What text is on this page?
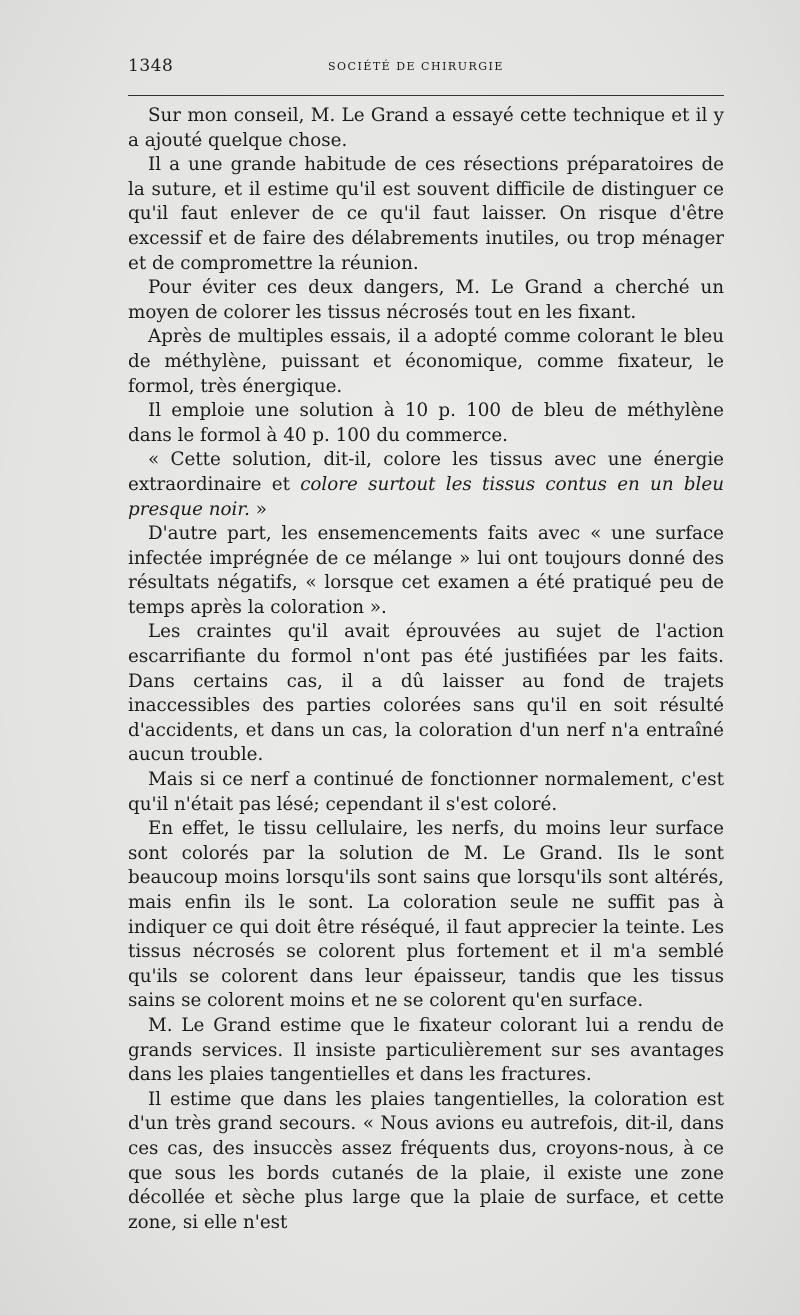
1348	SOCIÉTÉ DE CHIRURGIE

Sur mon conseil, M. Le Grand a essayé cette technique et il y a ajouté quelque chose.

Il a une grande habitude de ces résections préparatoires de la suture, et il estime qu'il est souvent difficile de distinguer ce qu'il faut enlever de ce qu'il faut laisser. On risque d'être excessif et de faire des délabrements inutiles, ou trop ménager et de compromettre la réunion.

Pour éviter ces deux dangers, M. Le Grand a cherché un moyen de colorer les tissus nécrosés tout en les fixant.

Après de multiples essais, il a adopté comme colorant le bleu de méthylène, puissant et économique, comme fixateur, le formol, très énergique.

Il emploie une solution à 10 p. 100 de bleu de méthylène dans le formol à 40 p. 100 du commerce.

« Cette solution, dit-il, colore les tissus avec une énergie extraordinaire et colore surtout les tissus contus en un bleu presque noir. »

D'autre part, les ensemencements faits avec « une surface infectée imprégnée de ce mélange » lui ont toujours donné des résultats négatifs, « lorsque cet examen a été pratiqué peu de temps après la coloration ».

Les craintes qu'il avait éprouvées au sujet de l'action escarrifiante du formol n'ont pas été justifiées par les faits. Dans certains cas, il a dû laisser au fond de trajets inaccessibles des parties colorées sans qu'il en soit résulté d'accidents, et dans un cas, la coloration d'un nerf n'a entraîné aucun trouble.

Mais si ce nerf a continué de fonctionner normalement, c'est qu'il n'était pas lésé; cependant il s'est coloré.

En effet, le tissu cellulaire, les nerfs, du moins leur surface sont colorés par la solution de M. Le Grand. Ils le sont beaucoup moins lorsqu'ils sont sains que lorsqu'ils sont altérés, mais enfin ils le sont. La coloration seule ne suffit pas à indiquer ce qui doit être réséqué, il faut apprecier la teinte. Les tissus nécrosés se colorent plus fortement et il m'a semblé qu'ils se colorent dans leur épaisseur, tandis que les tissus sains se colorent moins et ne se colorent qu'en surface.

M. Le Grand estime que le fixateur colorant lui a rendu de grands services. Il insiste particulièrement sur ses avantages dans les plaies tangentielles et dans les fractures.

Il estime que dans les plaies tangentielles, la coloration est d'un très grand secours. « Nous avions eu autrefois, dit-il, dans ces cas, des insuccès assez fréquents dus, croyons-nous, à ce que sous les bords cutanés de la plaie, il existe une zone décollée et sèche plus large que la plaie de surface, et cette zone, si elle n'est
